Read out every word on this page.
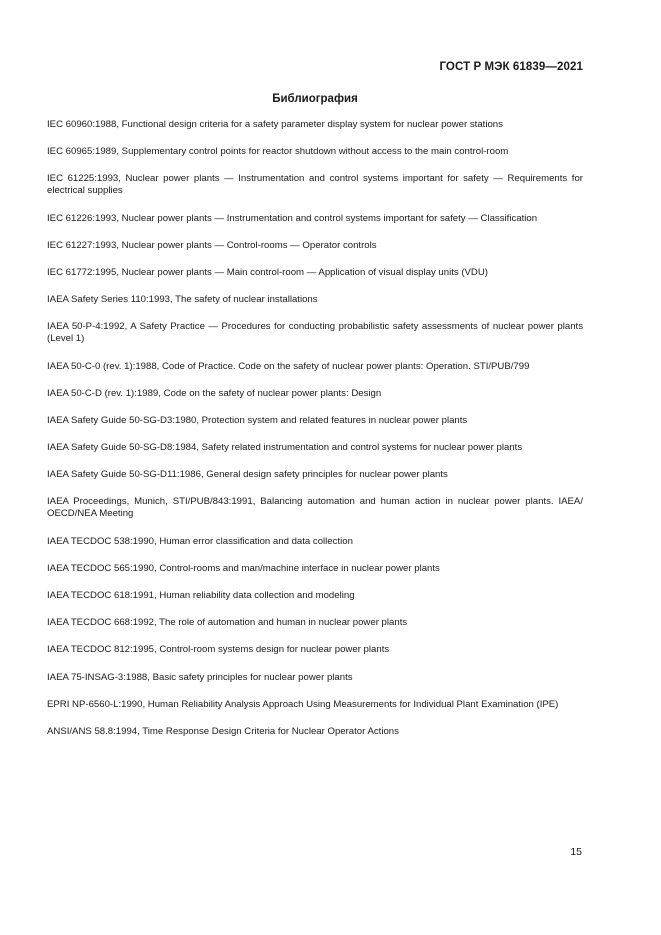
ГОСТ Р МЭК 61839—2021
Библиография
IEC 60960:1988, Functional design criteria for a safety parameter display system for nuclear power stations
IEC 60965:1989, Supplementary control points for reactor shutdown without access to the main control-room
IEC 61225:1993, Nuclear power plants — Instrumentation and control systems important for safety — Requirements for electrical supplies
IEC 61226:1993, Nuclear power plants — Instrumentation and control systems important for safety — Classification
IEC 61227:1993, Nuclear power plants — Control-rooms — Operator controls
IEC 61772:1995, Nuclear power plants — Main control-room — Application of visual display units (VDU)
IAEA Safety Series 110:1993, The safety of nuclear installations
IAEA 50-P-4:1992, A Safety Practice — Procedures for conducting probabilistic safety assessments of nuclear power plants (Level 1)
IAEA 50-C-0 (rev. 1):1988, Code of Practice. Code on the safety of nuclear power plants: Operation. STI/PUB/799
IAEA 50-C-D (rev. 1):1989, Code on the safety of nuclear power plants: Design
IAEA Safety Guide 50-SG-D3:1980, Protection system and related features in nuclear power plants
IAEA Safety Guide 50-SG-D8:1984, Safety related instrumentation and control systems for nuclear power plants
IAEA Safety Guide 50-SG-D11:1986, General design safety principles for nuclear power plants
IAEA Proceedings, Munich, STI/PUB/843:1991, Balancing automation and human action in nuclear power plants. IAEA/ OECD/NEA Meeting
IAEA TECDOC 538:1990, Human error classification and data collection
IAEA TECDOC 565:1990, Control-rooms and man/machine interface in nuclear power plants
IAEA TECDOC 618:1991, Human reliability data collection and modeling
IAEA TECDOC 668:1992, The role of automation and human in nuclear power plants
IAEA TECDOC 812:1995, Control-room systems design for nuclear power plants
IAEA 75-INSAG-3:1988, Basic safety principles for nuclear power plants
EPRI NP-6560-L:1990, Human Reliability Analysis Approach Using Measurements for Individual Plant Examination (IPE)
ANSI/ANS 58.8:1994, Time Response Design Criteria for Nuclear Operator Actions
15
